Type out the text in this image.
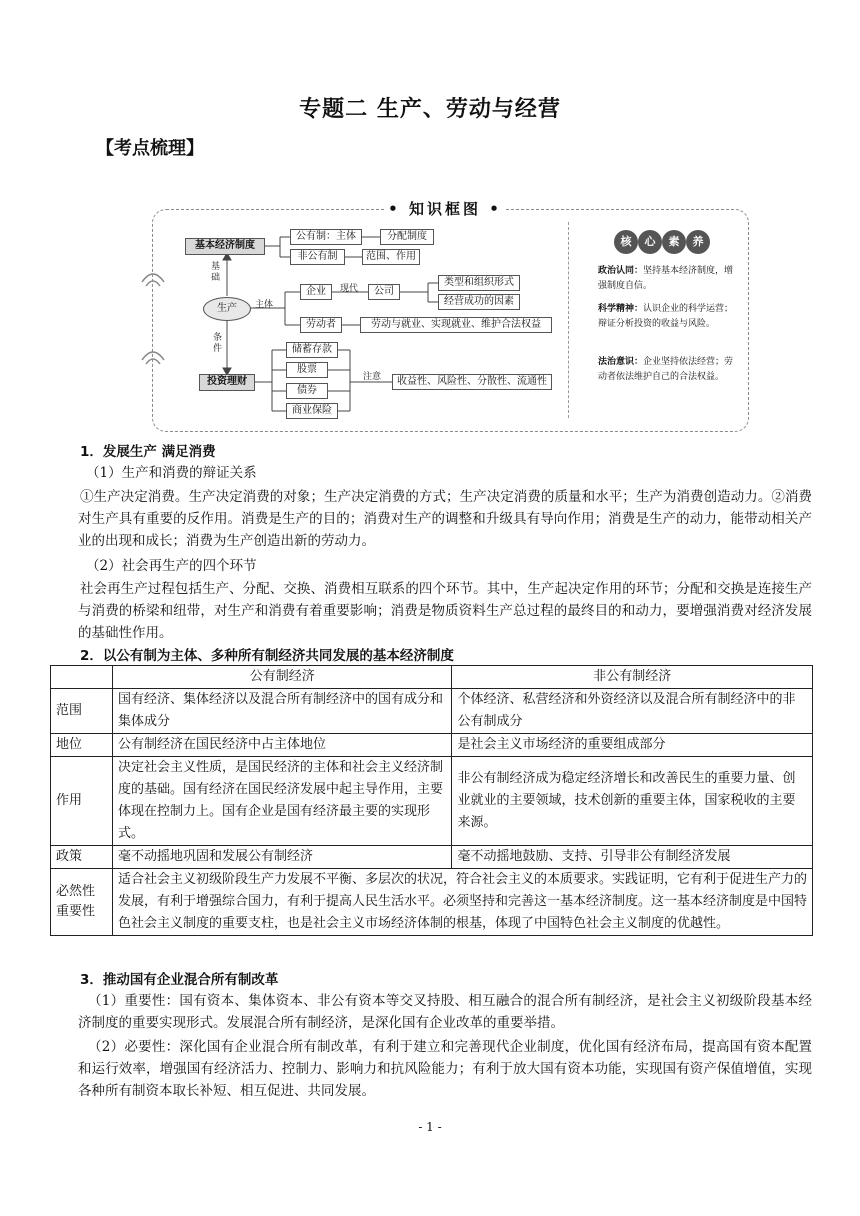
专题二 生产、劳动与经营
【考点梳理】
• 知识框图 •
基本经济制度
公有制：主体	分配制度
非公有制	范围、作用
基础
生产	主体
条件
企业	现代	公司
类型和组织形式
经营成功的因素
劳动者	劳动与就业、实现就业、维护合法权益
投资理财
储蓄存款
股票
债券
商业保险
注意	收益性、风险性、分散性、流通性
核	心	素	养
政治认同：坚持基本经济制度，增强制度自信。
科学精神：认识企业的科学运营；辩证分析投资的收益与风险。
法治意识：企业坚持依法经营；劳动者依法维护自己的合法权益。
1．发展生产 满足消费
（1）生产和消费的辩证关系
①生产决定消费。生产决定消费的对象；生产决定消费的方式；生产决定消费的质量和水平；生产为消费创造动力。②消费对生产具有重要的反作用。消费是生产的目的；消费对生产的调整和升级具有导向作用；消费是生产的动力，能带动相关产业的出现和成长；消费为生产创造出新的劳动力。
（2）社会再生产的四个环节
社会再生产过程包括生产、分配、交换、消费相互联系的四个环节。其中，生产起决定作用的环节；分配和交换是连接生产与消费的桥梁和纽带，对生产和消费有着重要影响；消费是物质资料生产总过程的最终目的和动力，要增强消费对经济发展的基础性作用。
2．以公有制为主体、多种所有制经济共同发展的基本经济制度
	公有制经济	非公有制经济
范围	国有经济、集体经济以及混合所有制经济中的国有成分和集体成分	个体经济、私营经济和外资经济以及混合所有制经济中的非公有制成分
地位	公有制经济在国民经济中占主体地位	是社会主义市场经济的重要组成部分
作用	决定社会主义性质，是国民经济的主体和社会主义经济制度的基础。国有经济在国民经济发展中起主导作用，主要体现在控制力上。国有企业是国有经济最主要的实现形式。	非公有制经济成为稳定经济增长和改善民生的重要力量、创业就业的主要领域，技术创新的重要主体，国家税收的主要来源。
政策	毫不动摇地巩固和发展公有制经济	毫不动摇地鼓励、支持、引导非公有制经济发展
必然性重要性	适合社会主义初级阶段生产力发展不平衡、多层次的状况，符合社会主义的本质要求。实践证明，它有利于促进生产力的发展，有利于增强综合国力，有利于提高人民生活水平。必须坚持和完善这一基本经济制度。这一基本经济制度是中国特色社会主义制度的重要支柱，也是社会主义市场经济体制的根基，体现了中国特色社会主义制度的优越性。	
3．推动国有企业混合所有制改革
（1）重要性：国有资本、集体资本、非公有资本等交叉持股、相互融合的混合所有制经济，是社会主义初级阶段基本经济制度的重要实现形式。发展混合所有制经济，是深化国有企业改革的重要举措。
（2）必要性：深化国有企业混合所有制改革，有利于建立和完善现代企业制度，优化国有经济布局，提高国有资本配置和运行效率，增强国有经济活力、控制力、影响力和抗风险能力；有利于放大国有资本功能，实现国有资产保值增值，实现各种所有制资本取长补短、相互促进、共同发展。
- 1 -
